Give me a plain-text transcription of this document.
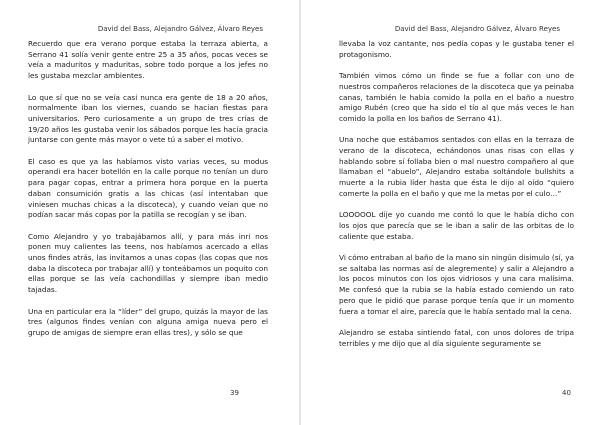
David del Bass, Alejandro Gálvez, Álvaro Reyes

Recuerdo que era verano porque estaba la terraza abierta, a Serrano 41 solía venir gente entre 25 a 35 años, pocas veces se veía a maduritos y maduritas, sobre todo porque a los jefes no les gustaba mezclar ambientes.

Lo que sí que no se veía casi nunca era gente de 18 a 20 años, normalmente iban los viernes, cuando se hacían fiestas para universitarios. Pero curiosamente a un grupo de tres crías de 19/20 años les gustaba venir los sábados porque les hacía gracia juntarse con gente más mayor o vete tú a saber el motivo.

El caso es que ya las habíamos visto varias veces, su modus operandi era hacer botellón en la calle porque no tenían un duro para pagar copas, entrar a primera hora porque en la puerta daban consumición gratis a las chicas (así intentaban que viniesen muchas chicas a la discoteca), y cuando veían que no podían sacar más copas por la patilla se recogían y se iban.

Como Alejandro y yo trabajábamos allí, y para más inri nos ponen muy calientes las teens, nos habíamos acercado a ellas unos findes atrás, las invitamos a unas copas (las copas que nos daba la discoteca por trabajar allí) y tonteábamos un poquito con ellas porque se las veía cachondillas y siempre iban medio tajadas.

Una en particular era la “líder” del grupo, quizás la mayor de las tres (algunos findes venían con alguna amiga nueva pero el grupo de amigas de siempre eran ellas tres), y sólo se que

39
David del Bass, Alejandro Gálvez, Álvaro Reyes

llevaba la voz cantante, nos pedía copas y le gustaba tener el protagonismo.

También vimos cómo un finde se fue a follar con uno de nuestros compañeros relaciones de la discoteca que ya peinaba canas, también le había comido la polla en el baño a nuestro amigo Rubén (creo que ha sido el tío al que más veces le han comido la polla en los baños de Serrano 41).

Una noche que estábamos sentados con ellas en la terraza de verano de la discoteca, echándonos unas risas con ellas y hablando sobre sí follaba bien o mal nuestro compañero al que llamaban el “abuelo”, Alejandro estaba soltándole bullshits a muerte a la rubia líder hasta que ésta le dijo al oído “quiero comerte la polla en el baño y que me la metas por el culo…”

LOOOOOL dije yo cuando me contó lo que le había dicho con los ojos que parecía que se le iban a salir de las orbitas de lo caliente que estaba.

Vi cómo entraban al baño de la mano sin ningún disimulo (sí, ya se saltaba las normas así de alegremente) y salir a Alejandro a los pocos minutos con los ojos vidriosos y una cara malísima. Me confesó que la rubia se la había estado comiendo un rato pero que le pidió que parase porque tenía que ir un momento fuera a tomar el aire, parecía que le había sentado mal la cena.

Alejandro se estaba sintiendo fatal, con unos dolores de tripa terribles y me dijo que al día siguiente seguramente se

40
